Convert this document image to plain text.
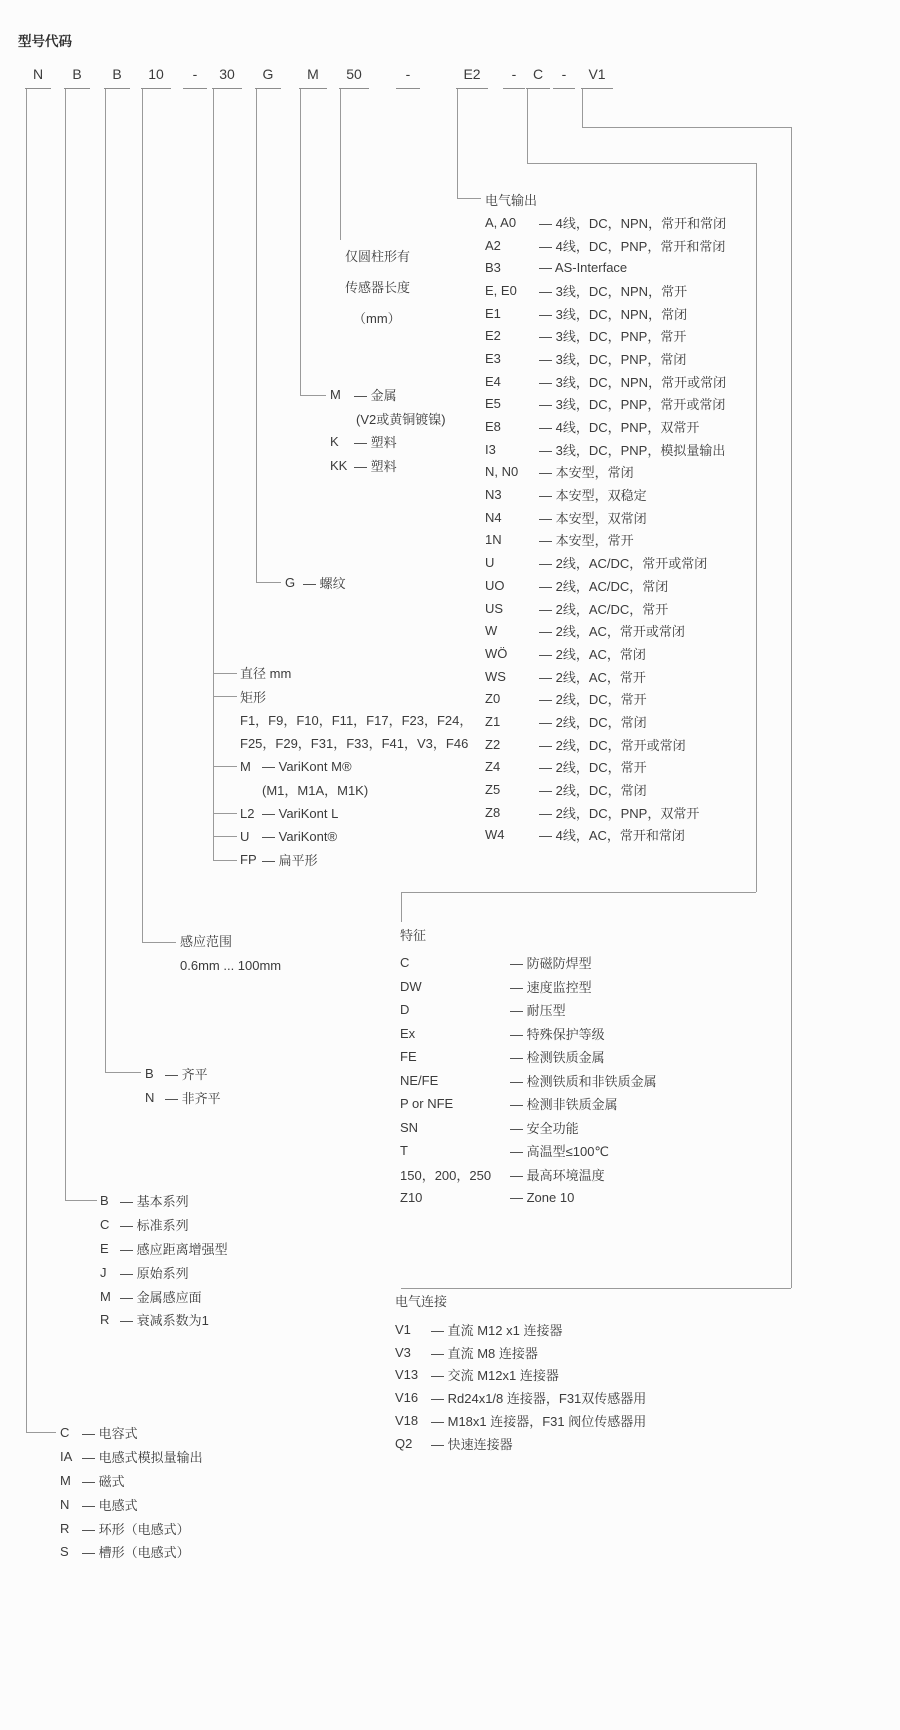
型号代码
N	B	B	10	-	30	G	M	50	-	E2	-	C	-	V1
电气输出
A, A0	— 4线，DC，NPN，常开和常闭
A2	— 4线，DC，PNP，常开和常闭
B3	— AS-Interface
E, E0	— 3线，DC，NPN，常开
E1	— 3线，DC，NPN，常闭
E2	— 3线，DC，PNP，常开
E3	— 3线，DC，PNP，常闭
E4	— 3线，DC，NPN，常开或常闭
E5	— 3线，DC，PNP，常开或常闭
E8	— 4线，DC，PNP，双常开
I3	— 3线，DC，PNP，模拟量输出
N, N0	— 本安型，常闭
N3	— 本安型，双稳定
N4	— 本安型，双常闭
1N	— 本安型，常开
U	— 2线，AC/DC，常开或常闭
UO	— 2线，AC/DC，常闭
US	— 2线，AC/DC，常开
W	— 2线，AC，常开或常闭
WÖ	— 2线，AC，常闭
WS	— 2线，AC，常开
Z0	— 2线，DC，常开
Z1	— 2线，DC，常闭
Z2	— 2线，DC，常开或常闭
Z4	— 2线，DC，常开
Z5	— 2线，DC，常闭
Z8	— 2线，DC，PNP，双常开
W4	— 4线，AC，常开和常闭
特征
C	— 防磁防焊型
DW	— 速度监控型
D	— 耐压型
Ex	— 特殊保护等级
FE	— 检测铁质金属
NE/FE	— 检测铁质和非铁质金属
P or NFE	— 检测非铁质金属
SN	— 安全功能
T	— 高温型≤100℃
150，200，250	— 最高环境温度
Z10	— Zone 10
电气连接
V1	— 直流 M12 x1 连接器
V3	— 直流 M8 连接器
V13 — 交流 M12x1 连接器
V16 — Rd24x1/8 连接器，F31双传感器用
V18 — M18x1 连接器，F31 阀位传感器用
Q2	— 快速连接器
仅圆柱形有
传感器长度
（mm）
M	— 金属
(V2或黄铜镀镍)
K	— 塑料
KK — 塑料
G — 螺纹
直径 mm
矩形
F1，F9，F10，F11，F17，F23，F24，
F25，F29，F31，F33，F41，V3，F46
M — VariKont M®
(M1，M1A，M1K)
L2 — VariKont L
U — VariKont®
FP — 扁平形
感应范围
0.6mm ... 100mm
B — 齐平
N — 非齐平
B — 基本系列
C — 标准系列
E — 感应距离增强型
J	— 原始系列
M — 金属感应面
R — 衰减系数为1
C — 电容式
IA — 电感式模拟量输出
M — 磁式
N — 电感式
R — 环形（电感式）
S	— 槽形（电感式）
